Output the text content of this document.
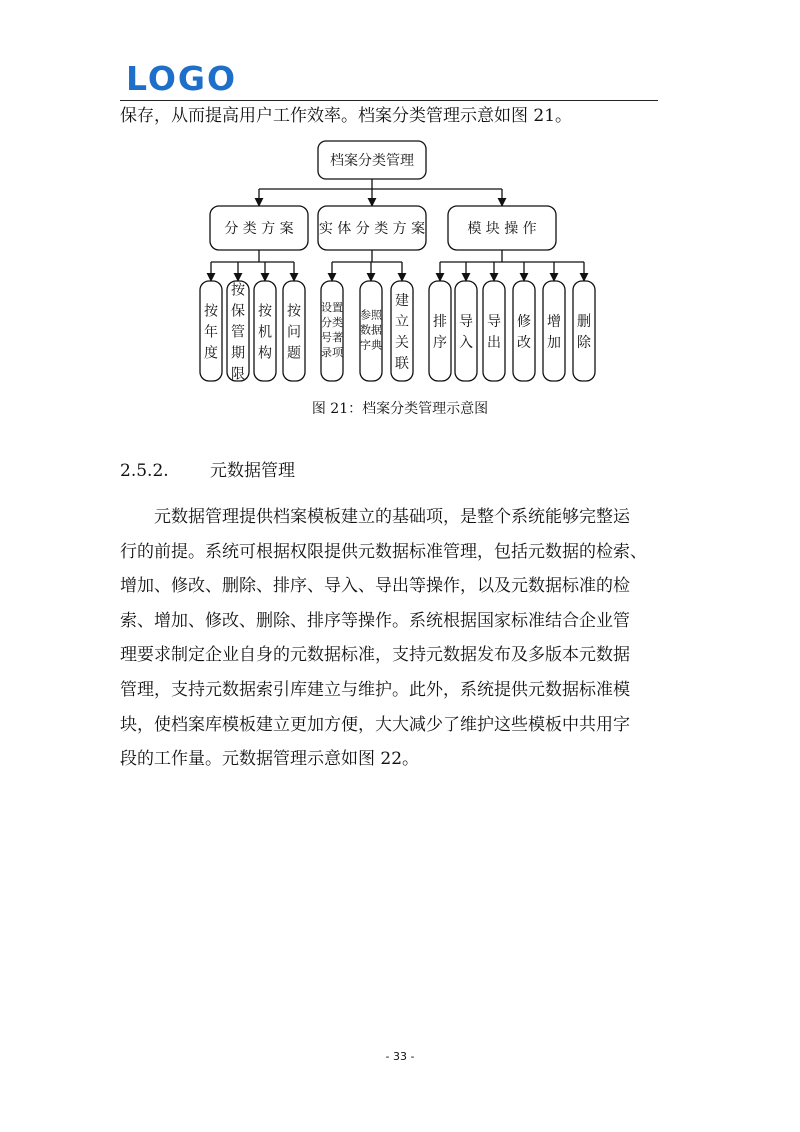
LOGO
保存，从而提高用户工作效率。档案分类管理示意如图 21。
档案分类管理
分 类 方 案
按年度
按保管期限
按机构
按问题
实 体 分 类 方 案
设置分类号著录项
参照数据字典
建立关联
模 块 操 作
排序
导入
导出
修改
增加
删除
图 21：档案分类管理示意图
2.5.2. 元数据管理
　　元数据管理提供档案模板建立的基础项，是整个系统能够完整运
行的前提。系统可根据权限提供元数据标准管理，包括元数据的检索、
增加、修改、删除、排序、导入、导出等操作，以及元数据标准的检
索、增加、修改、删除、排序等操作。系统根据国家标准结合企业管
理要求制定企业自身的元数据标准，支持元数据发布及多版本元数据
管理，支持元数据索引库建立与维护。此外，系统提供元数据标准模
块，使档案库模板建立更加方便，大大减少了维护这些模板中共用字
段的工作量。元数据管理示意如图 22。
- 33 -
